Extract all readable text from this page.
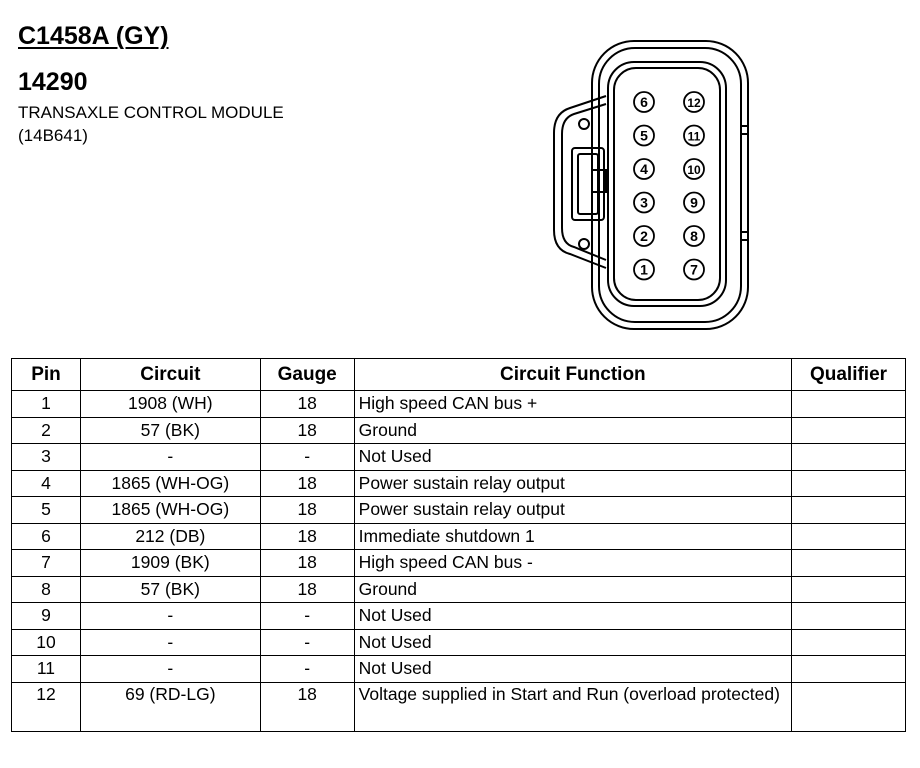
C1458A (GY)
14290
TRANSAXLE CONTROL MODULE
(14B641)
6
5
4
3
2
1
12
11
10
9
8
7
Pin	Circuit	Gauge	Circuit Function	Qualifier
1	1908 (WH)	18	High speed CAN bus +	
2	57 (BK)	18	Ground	
3	-	-	Not Used	
4	1865 (WH-OG)	18	Power sustain relay output	
5	1865 (WH-OG)	18	Power sustain relay output	
6	212 (DB)	18	Immediate shutdown 1	
7	1909 (BK)	18	High speed CAN bus -	
8	57 (BK)	18	Ground	
9	-	-	Not Used	
10	-	-	Not Used	
11	-	-	Not Used	
12	69 (RD-LG)	18	Voltage supplied in Start and Run (overload protected)	
